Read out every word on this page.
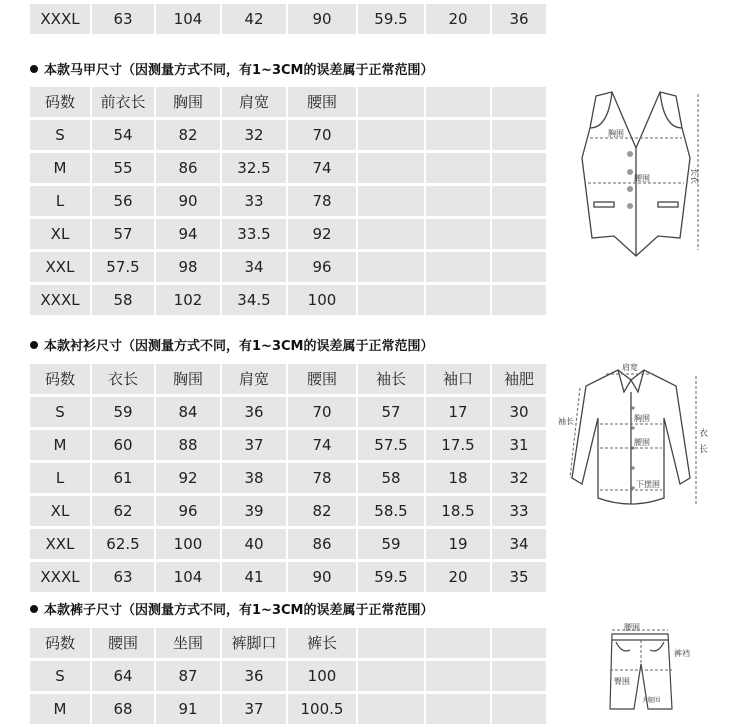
XXXL	63	104	42	90	59.5	20	36
本款马甲尺寸（因测量方式不同，有1~3CM的误差属于正常范围）
码数	前衣长	胸围	肩宽	腰围
S	54	82	32	70
M	55	86	32.5	74
L	56	90	33	78
XL	57	94	33.5	92
XXL	57.5	98	34	96
XXXL	58	102	34.5	100
胸围
腰围	长衣
本款衬衫尺寸（因测量方式不同，有1~3CM的误差属于正常范围）
码数	衣长	胸围	肩宽	腰围	袖长	袖口	袖肥
S	59	84	36	70	57	17	30
M	60	88	37	74	57.5	17.5	31
L	61	92	38	78	58	18	32
XL	62	96	39	82	58.5	18.5	33
XXL	62.5	100	40	86	59	19	34
XXXL	63	104	41	90	59.5	20	35
肩宽
袖长	胸围
腰围
下摆围
衣
长
本款裤子尺寸（因测量方式不同，有1~3CM的误差属于正常范围）
码数	腰围	坐围	裤脚口	裤长
S	64	87	36	100
M	68	91	37	100.5
腰围
裤裆
臀围
大腿围
